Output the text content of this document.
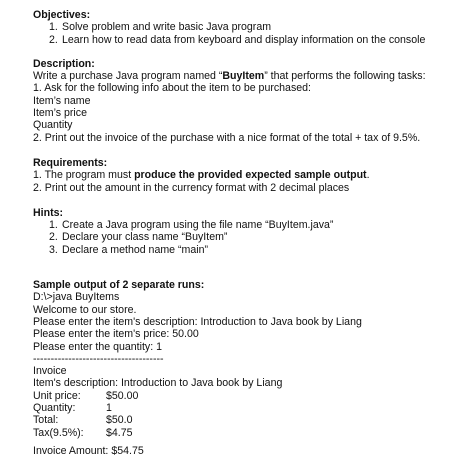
Objectives:

1. Solve problem and write basic Java program
2. Learn how to read data from keyboard and display information on the console

Description:

Write a purchase Java program named “BuyItem” that performs the following tasks:

1. Ask for the following info about the item to be purchased:

Item’s name

Item’s price

Quantity

2. Print out the invoice of the purchase with a nice format of the total + tax of 9.5%.

Requirements:

1. The program must produce the provided expected sample output.

2. Print out the amount in the currency format with 2 decimal places

Hints:

1. Create a Java program using the file name “BuyItem.java”
2. Declare your class name “BuyItem”
3. Declare a method name “main”

Sample output of 2 separate runs:

D:\>java BuyItems

Welcome to our store.

Please enter the item's description: Introduction to Java book by Liang

Please enter the item's price: 50.00

Please enter the quantity: 1

-------------------------------------

Invoice

Item's description: Introduction to Java book by Liang

Unit price:	$50.00
Quantity:	1
Total:	$50.0
Tax(9.5%):	$4.75

Invoice Amount: $54.75
